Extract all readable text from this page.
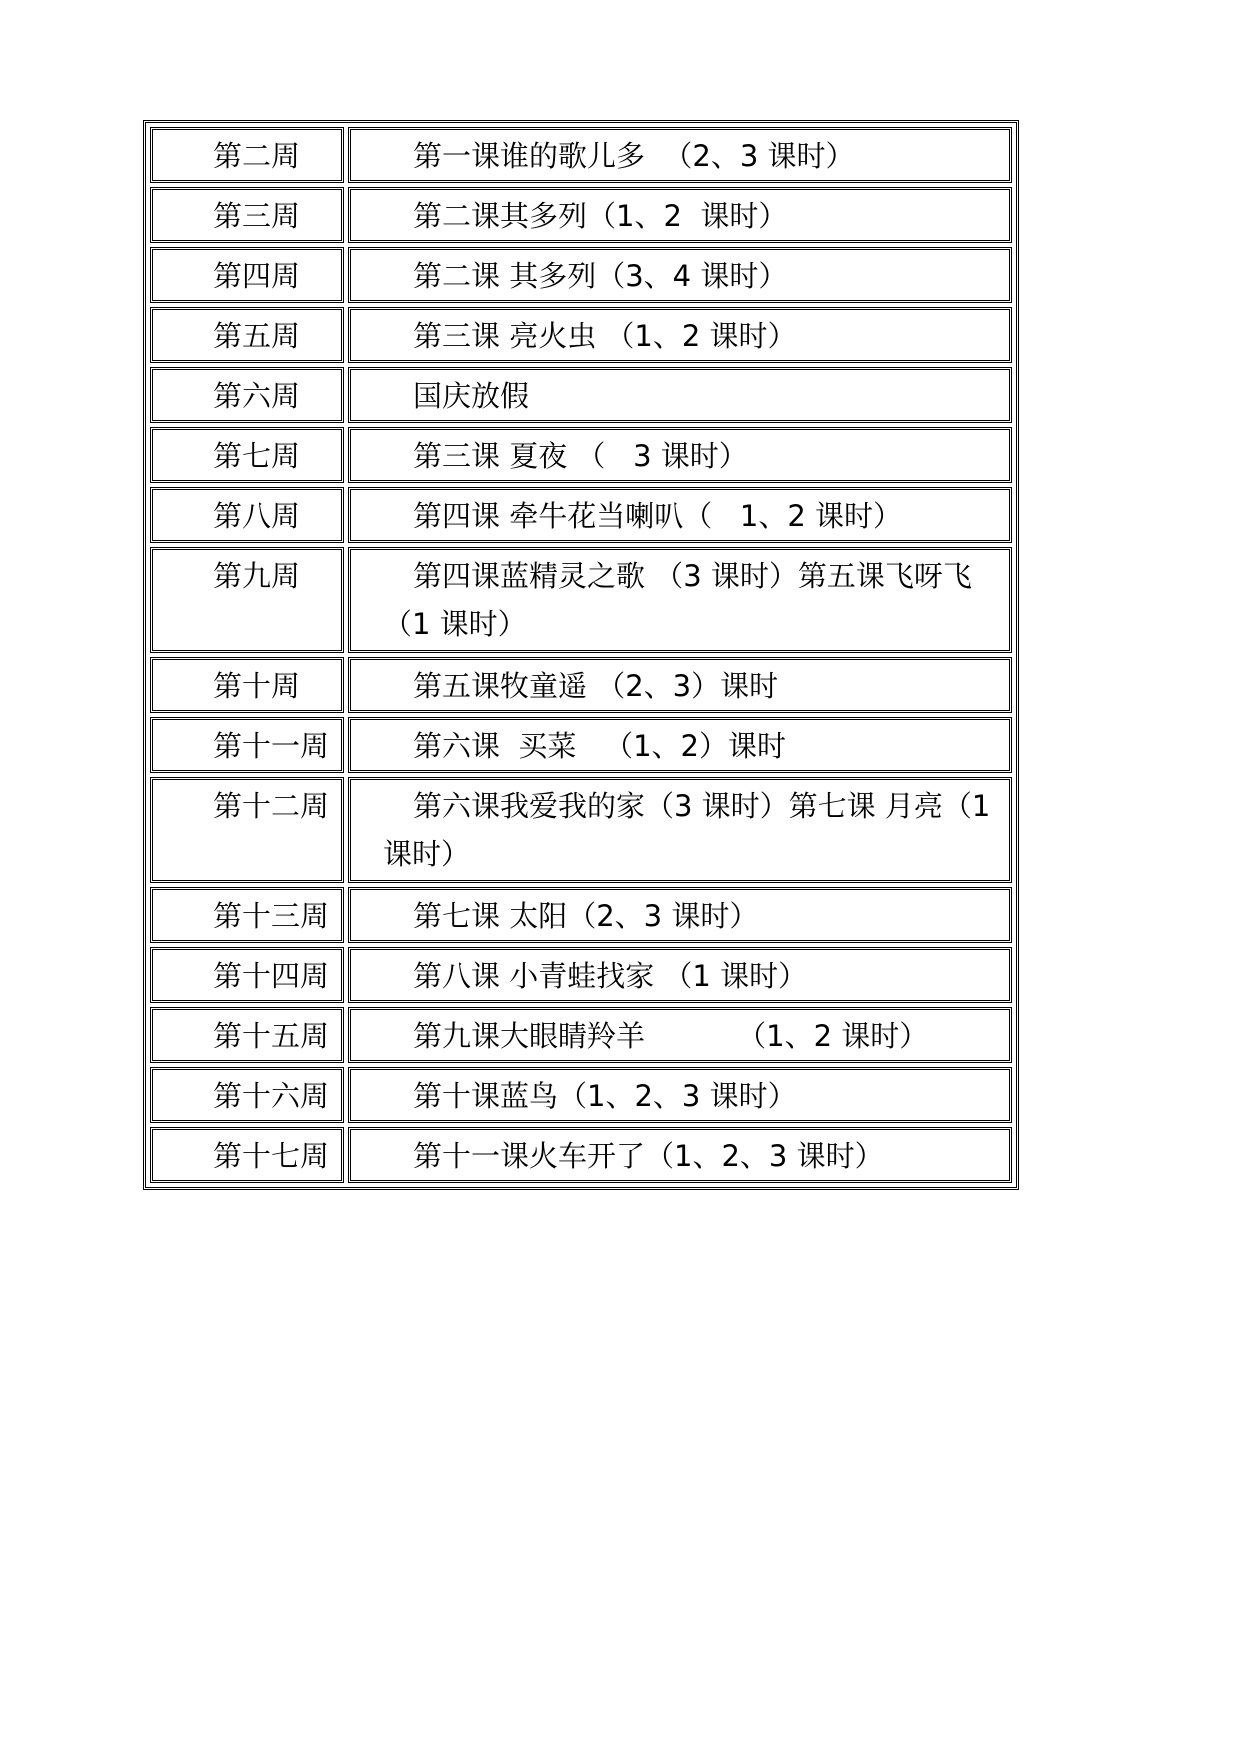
第二周	第一课谁的歌儿多  （2、3 课时）
第三周	第二课其多列（1、2  课时）
第四周	第二课 其多列（3、4 课时）
第五周	第三课 亮火虫 （1、2 课时）
第六周	国庆放假
第七周	第三课 夏夜 （   3 课时）
第八周	第四课 牵牛花当喇叭（   1、2 课时）
第九周	第四课蓝精灵之歌 （3 课时）第五课飞呀飞（1 课时）
第十周	第五课牧童遥 （2、3）课时
第十一周	第六课  买菜   （1、2）课时
第十二周	第六课我爱我的家（3 课时）第七课 月亮（1 课时）
第十三周	第七课 太阳（2、3 课时）
第十四周	第八课 小青蛙找家 （1 课时）
第十五周	第九课大眼睛羚羊          （1、2 课时）
第十六周	第十课蓝鸟（1、2、3 课时）
第十七周	第十一课火车开了（1、2、3 课时）
